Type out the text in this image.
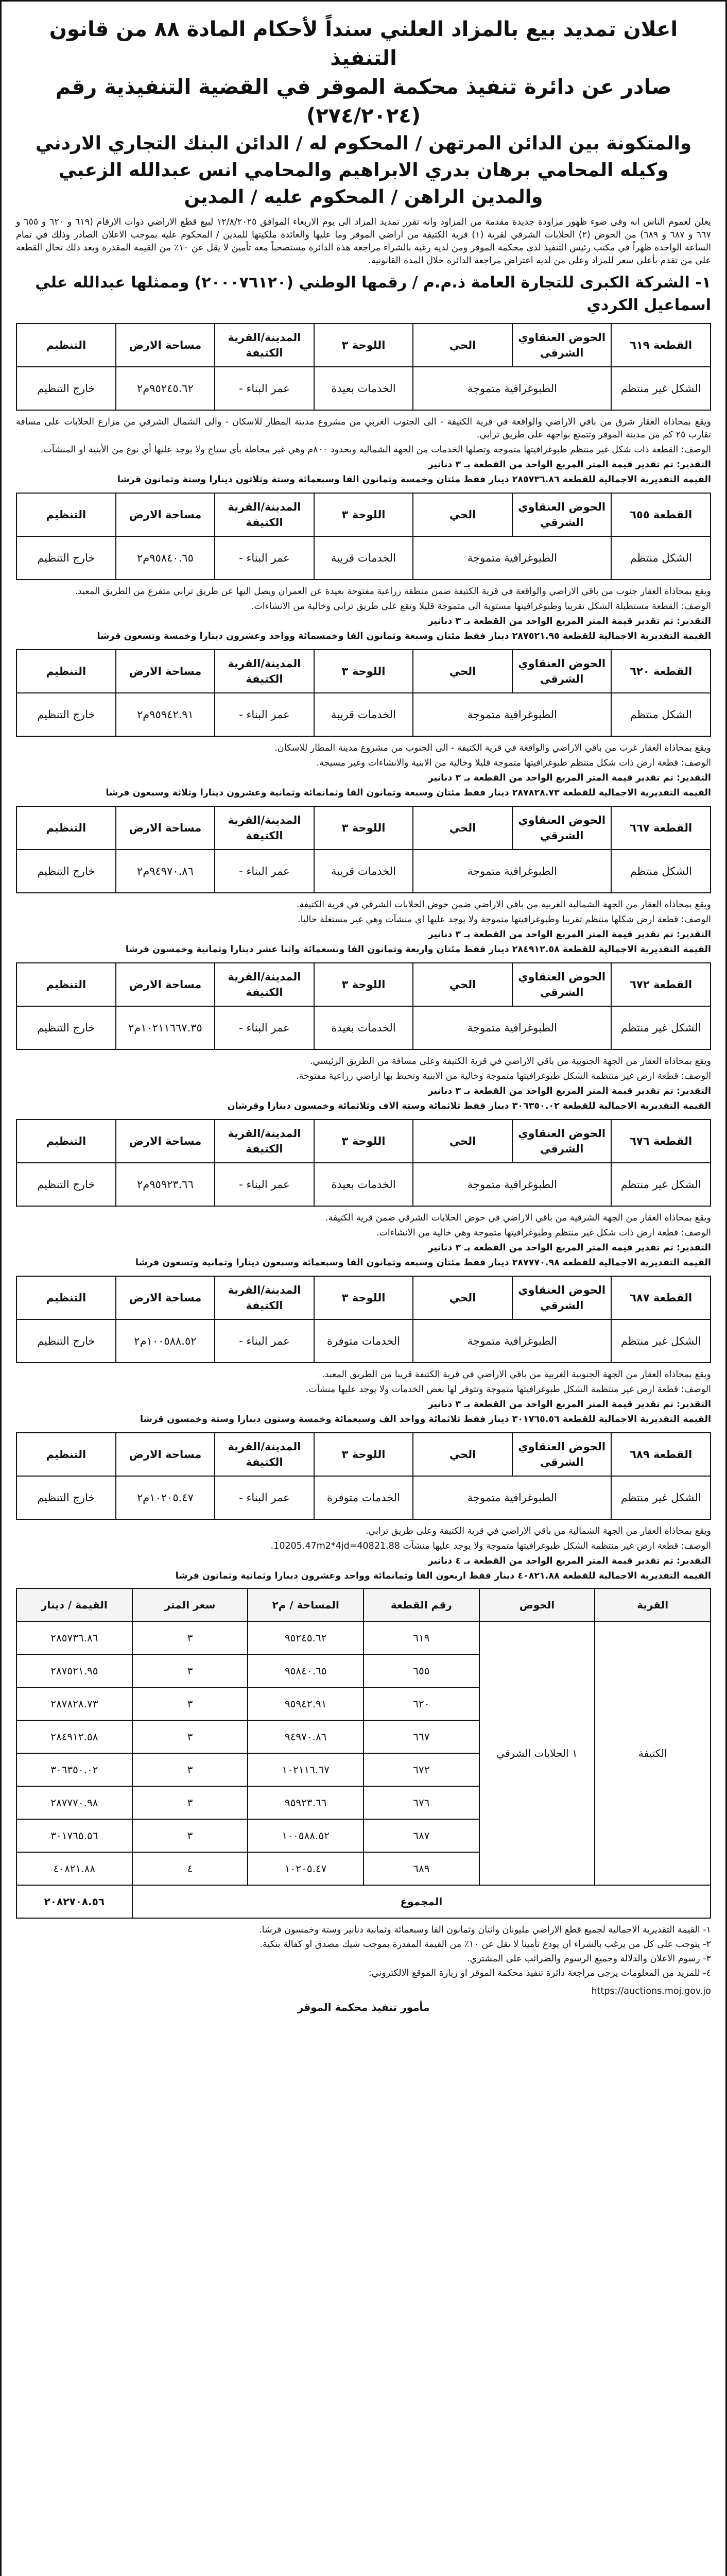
اعلان تمديد بيع بالمزاد العلني سنداً لأحكام المادة ٨٨ من قانون التنفيذ
صادر عن دائرة تنفيذ محكمة الموقر في القضية التنفيذية رقم (٢٧٤/٢٠٢٤)
والمتكونة بين الدائن المرتهن / المحكوم له / الدائن البنك التجاري الاردني
وكيله المحامي برهان بدري الابراهيم والمحامي انس عبدالله الزعبي
والمدين الراهن / المحكوم عليه / المدين

يعلن لعموم الناس انه وفي ضوء ظهور مزاودة جديدة مقدمة من المزاود وانه تقرر تمديد المزاد الى يوم الاربعاء الموافق ١٢/٨/٢٠٢٥ لبيع قطع الاراضي ذوات الارقام (٦١٩ و ٦٢٠ و ٦٥٥ و ٦٦٧ و ٦٨٧ و ٦٨٩) من الحوض (٢) الحلابات الشرقي لقرية (١) قرية الكتيفة من اراضي الموقر وما عليها والعائدة ملكيتها للمدين / المحكوم عليه بموجب الاعلان الصادر وذلك في تمام الساعة الواحدة ظهراً في مكتب رئيس التنفيذ لدى محكمة الموقر ومن لديه رغبة بالشراء مراجعة هذه الدائرة مستصحباً معه تأمين لا يقل عن ١٠٪ من القيمة المقدرة وبعد ذلك تحال القطعة على من تقدم بأعلى سعر للمزاد وعلى من لديه اعتراض مراجعة الدائرة خلال المدة القانونية.

١- الشركة الكبرى للتجارة العامة ذ.م.م / رقمها الوطني (٢٠٠٠٧٦١٢٠) وممثلها عبدالله علي اسماعيل الكردي
القطعة ٦١٩	الحوض العنقاوي الشرقي	الحي	اللوحة ٣	المدينة/القرية الكتيفة	مساحة الارض	التنظيم
الشكل غير منتظم	الطبوغرافية متموجة		الخدمات بعيدة	عمر البناء -	٩٥٢٤٥.٦٢م٢	خارج التنظيم

ويقع بمحاذاة العقار شرق من باقي الاراضي والواقعة في قرية الكتيفة - الى الجنوب الغربي من مشروع مدينة المطار للاسكان - والى الشمال الشرقي من مزارع الحلابات على مسافة تقارب ٢٥ كم من مدينة الموقر وتتمتع بواجهة على طريق ترابي.

الوصف: القطعة ذات شكل غير منتظم طبوغرافيتها متموجة وتصلها الخدمات من الجهة الشمالية وبحدود ٨٠٠م وهي غير محاطة بأي سياج ولا يوجد عليها أي نوع من الأبنية او المنشآت.

التقدير: تم تقدير قيمة المتر المربع الواحد من القطعة بـ ٣ دنانير

القيمة التقديرية الاجمالية للقطعة ٢٨٥٧٣٦.٨٦ دينار فقط مئتان وخمسة وثمانون الفا وسبعمائة وستة وثلاثون دينارا وستة وثمانون قرشا

القطعة ٦٥٥	الحوض العنقاوي الشرقي	الحي	اللوحة ٣	المدينة/القرية الكتيفة	مساحة الارض	التنظيم
الشكل منتظم	الطبوغرافية متموجة		الخدمات قريبة	عمر البناء -	٩٥٨٤٠.٦٥م٢	خارج التنظيم

ويقع بمحاذاة العقار جنوب من باقي الاراضي والواقعة في قرية الكتيفة ضمن منطقة زراعية مفتوحة بعيدة عن العمران ويصل اليها عن طريق ترابي متفرع من الطريق المعبد.

الوصف: القطعة مستطيلة الشكل تقريبا وطبوغرافيتها مستوية الى متموجة قليلا وتقع على طريق ترابي وخالية من الانشاءات.

التقدير: تم تقدير قيمة المتر المربع الواحد من القطعة بـ ٣ دنانير

القيمة التقديرية الاجمالية للقطعة ٢٨٧٥٢١.٩٥ دينار فقط مئتان وسبعة وثمانون الفا وخمسمائة وواحد وعشرون دينارا وخمسة وتسعون قرشا

القطعة ٦٢٠	الحوض العنقاوي الشرقي	الحي	اللوحة ٣	المدينة/القرية الكتيفة	مساحة الارض	التنظيم
الشكل منتظم	الطبوغرافية متموجة		الخدمات قريبة	عمر البناء -	٩٥٩٤٢.٩١م٢	خارج التنظيم

ويقع بمحاذاة العقار غرب من باقي الاراضي والواقعة في قرية الكتيفة - الى الجنوب من مشروع مدينة المطار للاسكان.

الوصف: قطعة ارض ذات شكل منتظم طبوغرافيتها متموجة قليلا وخالية من الابنية والانشاءات وغير مسيجة.

التقدير: تم تقدير قيمة المتر المربع الواحد من القطعة بـ ٣ دنانير

القيمة التقديرية الاجمالية للقطعة ٢٨٧٨٢٨.٧٣ دينار فقط مئتان وسبعة وثمانون الفا وثمانمائة وثمانية وعشرون دينارا وثلاثة وسبعون قرشا

القطعة ٦٦٧	الحوض العنقاوي الشرقي	الحي	اللوحة ٣	المدينة/القرية الكتيفة	مساحة الارض	التنظيم
الشكل منتظم	الطبوغرافية متموجة		الخدمات قريبة	عمر البناء -	٩٤٩٧٠.٨٦م٢	خارج التنظيم

ويقع بمحاذاة العقار من الجهة الشمالية الغربية من باقي الاراضي ضمن حوض الحلابات الشرقي في قرية الكتيفة.

الوصف: قطعة ارض شكلها منتظم تقريبا وطبوغرافيتها متموجة ولا يوجد عليها اي منشآت وهي غير مستغلة حاليا.

التقدير: تم تقدير قيمة المتر المربع الواحد من القطعة بـ ٣ دنانير

القيمة التقديرية الاجمالية للقطعة ٢٨٤٩١٢.٥٨ دينار فقط مئتان واربعة وثمانون الفا وتسعمائة واثنا عشر دينارا وثمانية وخمسون قرشا

القطعة ٦٧٢	الحوض العنقاوي الشرقي	الحي	اللوحة ٣	المدينة/القرية الكتيفة	مساحة الارض	التنظيم
الشكل غير منتظم	الطبوغرافية متموجة		الخدمات بعيدة	عمر البناء -	١٠٢١١٦٦٧.٣٥م٢	خارج التنظيم

ويقع بمحاذاة العقار من الجهة الجنوبية من باقي الاراضي في قرية الكتيفة وعلى مسافة من الطريق الرئيسي.

الوصف: قطعة ارض غير منتظمة الشكل طبوغرافيتها متموجة وخالية من الابنية وتحيط بها اراضي زراعية مفتوحة.

التقدير: تم تقدير قيمة المتر المربع الواحد من القطعة بـ ٣ دنانير

القيمة التقديرية الاجمالية للقطعة ٣٠٦٣٥٠.٠٢ دينار فقط ثلاثمائة وستة الاف وثلاثمائة وخمسون دينارا وقرشان

القطعة ٦٧٦	الحوض العنقاوي الشرقي	الحي	اللوحة ٣	المدينة/القرية الكتيفة	مساحة الارض	التنظيم
الشكل غير منتظم	الطبوغرافية متموجة		الخدمات بعيدة	عمر البناء -	٩٥٩٢٣.٦٦م٢	خارج التنظيم

ويقع بمحاذاة العقار من الجهة الشرقية من باقي الاراضي في حوض الحلابات الشرقي ضمن قرية الكتيفة.

الوصف: قطعة ارض ذات شكل غير منتظم وطبوغرافيتها متموجة وهي خالية من الانشاءات.

التقدير: تم تقدير قيمة المتر المربع الواحد من القطعة بـ ٣ دنانير

القيمة التقديرية الاجمالية للقطعة ٢٨٧٧٧٠.٩٨ دينار فقط مئتان وسبعة وثمانون الفا وسبعمائة وسبعون دينارا وثمانية وتسعون قرشا

القطعة ٦٨٧	الحوض العنقاوي الشرقي	الحي	اللوحة ٣	المدينة/القرية الكتيفة	مساحة الارض	التنظيم
الشكل غير منتظم	الطبوغرافية متموجة		الخدمات متوفرة	عمر البناء -	١٠٠٥٨٨.٥٢م٢	خارج التنظيم

ويقع بمحاذاة العقار من الجهة الجنوبية الغربية من باقي الاراضي في قرية الكتيفة قريبا من الطريق المعبد.

الوصف: قطعة ارض غير منتظمة الشكل طبوغرافيتها متموجة وتتوفر لها بعض الخدمات ولا يوجد عليها منشآت.

التقدير: تم تقدير قيمة المتر المربع الواحد من القطعة بـ ٣ دنانير

القيمة التقديرية الاجمالية للقطعة ٣٠١٧٦٥.٥٦ دينار فقط ثلاثمائة وواحد الف وسبعمائة وخمسة وستون دينارا وستة وخمسون قرشا

القطعة ٦٨٩	الحوض العنقاوي الشرقي	الحي	اللوحة ٣	المدينة/القرية الكتيفة	مساحة الارض	التنظيم
الشكل غير منتظم	الطبوغرافية متموجة		الخدمات متوفرة	عمر البناء -	١٠٢٠٥.٤٧م٢	خارج التنظيم

ويقع بمحاذاة العقار من الجهة الشمالية من باقي الاراضي في قرية الكتيفة وعلى طريق ترابي.

الوصف: قطعة ارض غير منتظمة الشكل طبوغرافيتها متموجة ولا يوجد عليها منشآت 10205.47m2*4jd=40821.88.

التقدير: تم تقدير قيمة المتر المربع الواحد من القطعة بـ ٤ دنانير

القيمة التقديرية الاجمالية للقطعة ٤٠٨٢١.٨٨ دينار فقط اربعون الفا وثمانمائة وواحد وعشرون دينارا وثمانية وثمانون قرشا

القرية	الحوض	رقم القطعة	المساحة / م٢	سعر المتر	القيمة / دينار
الكتيفة	١ الحلابات الشرقي	٦١٩	٩٥٢٤٥.٦٢	٣	٢٨٥٧٣٦.٨٦
		٦٥٥	٩٥٨٤٠.٦٥	٣	٢٨٧٥٢١.٩٥
		٦٢٠	٩٥٩٤٢.٩١	٣	٢٨٧٨٢٨.٧٣
		٦٦٧	٩٤٩٧٠.٨٦	٣	٢٨٤٩١٢.٥٨
		٦٧٢	١٠٢١١٦.٦٧	٣	٣٠٦٣٥٠.٠٢
		٦٧٦	٩٥٩٢٣.٦٦	٣	٢٨٧٧٧٠.٩٨
		٦٨٧	١٠٠٥٨٨.٥٢	٣	٣٠١٧٦٥.٥٦
		٦٨٩	١٠٢٠٥.٤٧	٤	٤٠٨٢١.٨٨
المجموع					٢٠٨٢٧٠٨.٥٦
١- القيمة التقديرية الاجمالية لجميع قطع الاراضي مليونان واثنان وثمانون الفا وسبعمائة وثمانية دنانير وستة وخمسون قرشا.
٢- يتوجب على كل من يرغب بالشراء ان يودع تأمينا لا يقل عن ١٠٪ من القيمة المقدرة بموجب شيك مصدق او كفالة بنكية.
٣- رسوم الاعلان والدلالة وجميع الرسوم والضرائب على المشتري.
٤- للمزيد من المعلومات يرجى مراجعة دائرة تنفيذ محكمة الموقر او زيارة الموقع الالكتروني:
https://auctions.moj.gov.jo
مأمور تنفيذ محكمة الموقر
